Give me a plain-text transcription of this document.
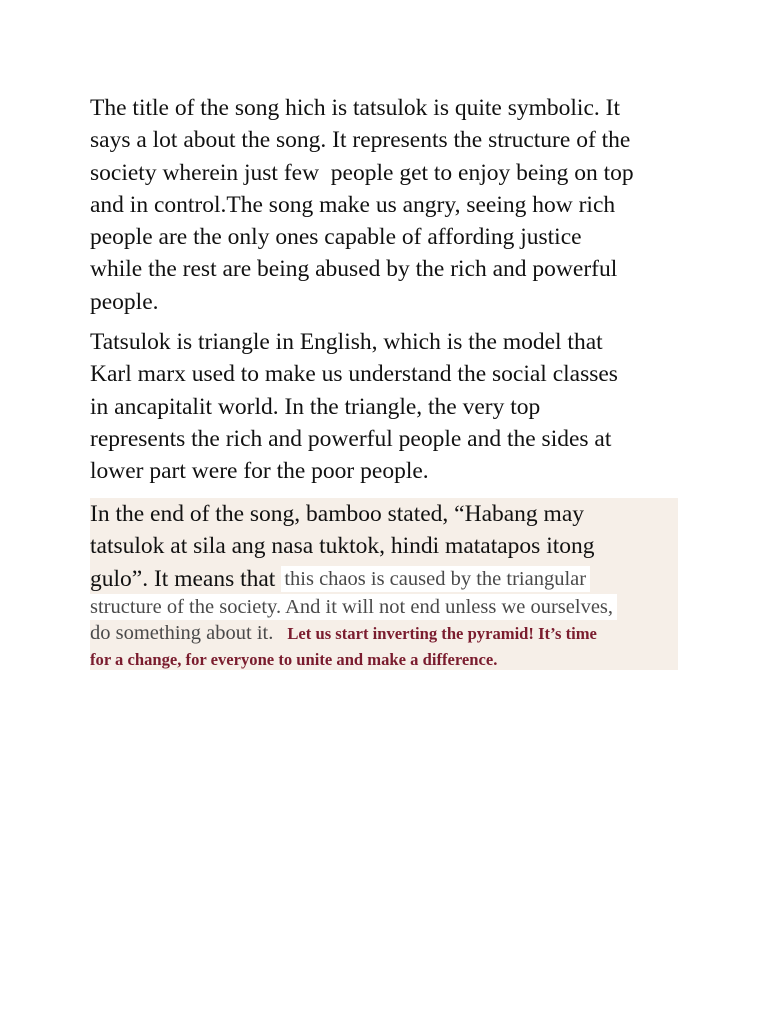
The title of the song hich is tatsulok is quite symbolic. It
says a lot about the song. It represents the structure of the
society wherein just few  people get to enjoy being on top
and in control.The song make us angry, seeing how rich
people are the only ones capable of affording justice
while the rest are being abused by the rich and powerful
people.
Tatsulok is triangle in English, which is the model that
Karl marx used to make us understand the social classes
in ancapitalit world. In the triangle, the very top
represents the rich and powerful people and the sides at
lower part were for the poor people.
In the end of the song, bamboo stated, “Habang may
tatsulok at sila ang nasa tuktok, hindi matatapos itong
gulo”. It means that this chaos is caused by the triangular
structure of the society. And it will not end unless we ourselves,
do something about it. Let us start inverting the pyramid! It’s time
for a change, for everyone to unite and make a difference.
